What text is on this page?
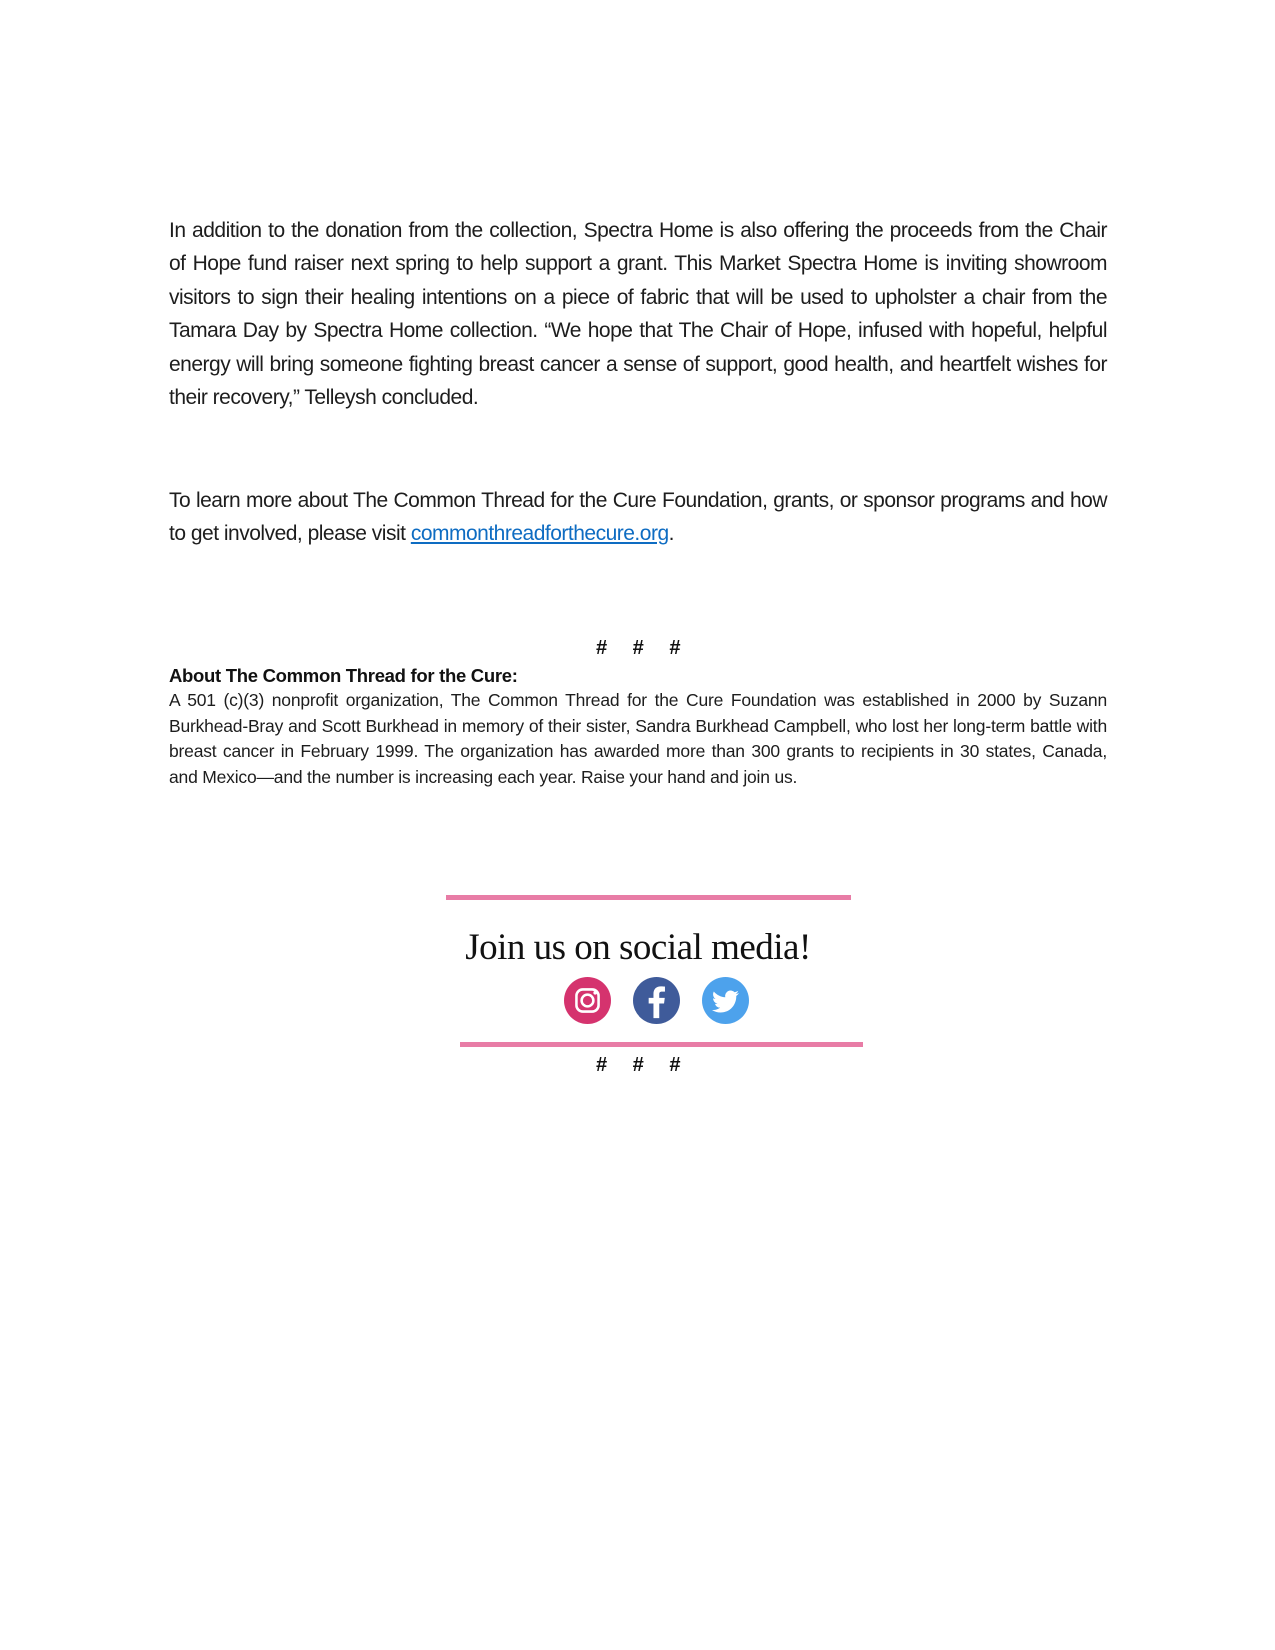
In addition to the donation from the collection, Spectra Home is also offering the proceeds from the Chair of Hope fund raiser next spring to help support a grant. This Market Spectra Home is inviting showroom visitors to sign their healing intentions on a piece of fabric that will be used to upholster a chair from the Tamara Day by Spectra Home collection. “We hope that The Chair of Hope, infused with hopeful, helpful energy will bring someone fighting breast cancer a sense of support, good health, and heartfelt wishes for their recovery,” Telleysh concluded.

To learn more about The Common Thread for the Cure Foundation, grants, or sponsor programs and how to get involved, please visit commonthreadforthecure.org.

# # #
About The Common Thread for the Cure:

A 501 (c)(3) nonprofit organization, The Common Thread for the Cure Foundation was established in 2000 by Suzann Burkhead-Bray and Scott Burkhead in memory of their sister, Sandra Burkhead Campbell, who lost her long-term battle with breast cancer in February 1999. The organization has awarded more than 300 grants to recipients in 30 states, Canada, and Mexico—and the number is increasing each year. Raise your hand and join us.

Join us on social media!
# # #
